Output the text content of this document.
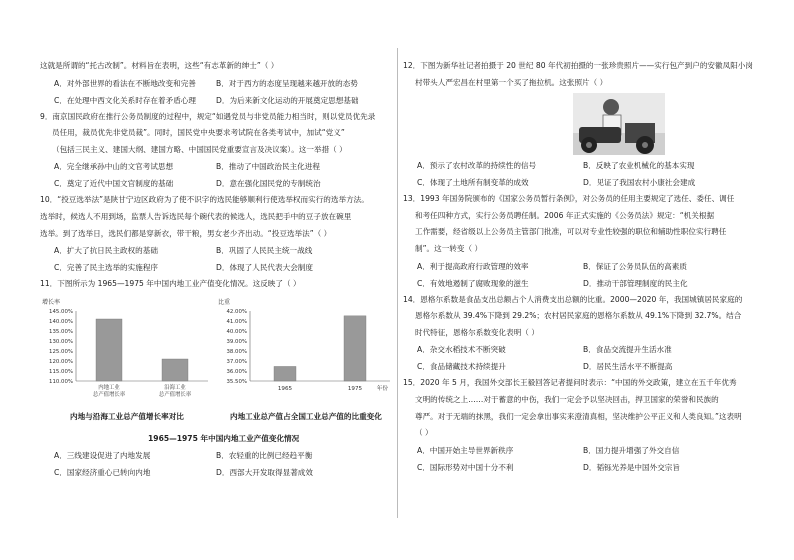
这就是所谓的“托古改制”。材料旨在表明，这些“有志革新的绅士”（ ）
A．对外部世界的看法在不断地改变和完善	B．对于西方的态度呈现越来越开放的态势
C．在处理中西文化关系时存在着矛盾心理	D．为后来新文化运动的开展奠定思想基础
9．南京国民政府在推行公务员制度的过程中，规定“如遇党员与非党员能力相当时，则以党员优先录
员任用，裁员优先非党员裁”。同时，国民党中央要求考试院在各类考试中，加试“党义”
（包括三民主义、建国大纲、建国方略、中国国民党重要宣言及决议案）。这一举措（ ）
A．完全继承孙中山的文官考试思想	B．推动了中国政治民主化进程
C．奠定了近代中国文官制度的基础	D．意在强化国民党的专制统治
10．“投豆选举法”是陕甘宁边区政府为了使不识字的选民能够顺利行使选举权而实行的选举方法。
选举时，候选人不用到场，监票人告诉选民每个碗代表的候选人，选民把手中的豆子放在碗里
选举。到了选举日，选民们都是穿新衣，带干粮，男女老少齐出动。“投豆选举法”（ ）
A．扩大了抗日民主政权的基础	B．巩固了人民民主统一战线
C．完善了民主选举的实施程序	D．体现了人民代表大会制度
11．下图所示为 1965—1975 年中国内地工业产值变化情况。这反映了（ ）
增长率
145.00%
140.00%
135.00%
130.00%
125.00%
120.00%
115.00%
110.00%
内地工业
总产值增长率
沿海工业
总产值增长率
比重
42.00%
41.00%
40.00%
39.00%
38.00%
37.00%
36.00%
35.50%
1965	1975	年份
内地与沿海工业总产值增长率对比	内地工业总产值占全国工业总产值的比重变化
1965—1975 年中国内地工业产值变化情况
A．三线建设促进了内地发展	B．农轻重的比例已经趋平衡
C．国家经济重心已转向内地	D．西部大开发取得显著成效
12．下图为新华社记者拍摄于 20 世纪 80 年代初拍摄的一张珍贵照片——实行包产到户的安徽凤阳小岗
村带头人严宏昌在村里第一个买了拖拉机。这张照片（ ）
A．预示了农村改革的持续性的信号	B．反映了农业机械化的基本实现
C．体现了土地所有制变革的成效	D．见证了我国农村小康社会建成
13．1993 年国务院颁布的《国家公务员暂行条例》，对公务员的任用主要规定了选任、委任、调任
和考任四种方式，实行公务员聘任制。2006 年正式实施的《公务员法》规定：“机关根据
工作需要，经省级以上公务员主管部门批准，可以对专业性较强的职位和辅助性职位实行聘任
制”。这一转变（ ）
A．利于提高政府行政管理的效率	B．保证了公务员队伍的高素质
C．有效地遏制了腐败现象的滋生	D．推动干部管理制度的民主化
14．恩格尔系数是食品支出总额占个人消费支出总额的比重。2000—2020 年，我国城镇居民家庭的
恩格尔系数从 39.4%下降到 29.2%；农村居民家庭的恩格尔系数从 49.1%下降到 32.7%。结合
时代特征，恩格尔系数变化表明（ ）
A．杂交水稻技术不断突破	B．食品交流提升生活水准
C．食品储藏技术持续提升	D．居民生活水平不断提高
15．2020 年 5 月，我国外交部长王毅回答记者提问时表示：“中国的外交政策，建立在五千年优秀
文明的传统之上……对于蓄意的中伤，我们一定会予以坚决回击，捍卫国家的荣誉和民族的
尊严。对于无端的抹黑，我们一定会拿出事实来澄清真相，坚决维护公平正义和人类良知。”这表明
（ ）
A．中国开始主导世界新秩序	B．国力提升增强了外交自信
C．国际形势对中国十分不利	D．韬铄光养是中国外交宗旨
